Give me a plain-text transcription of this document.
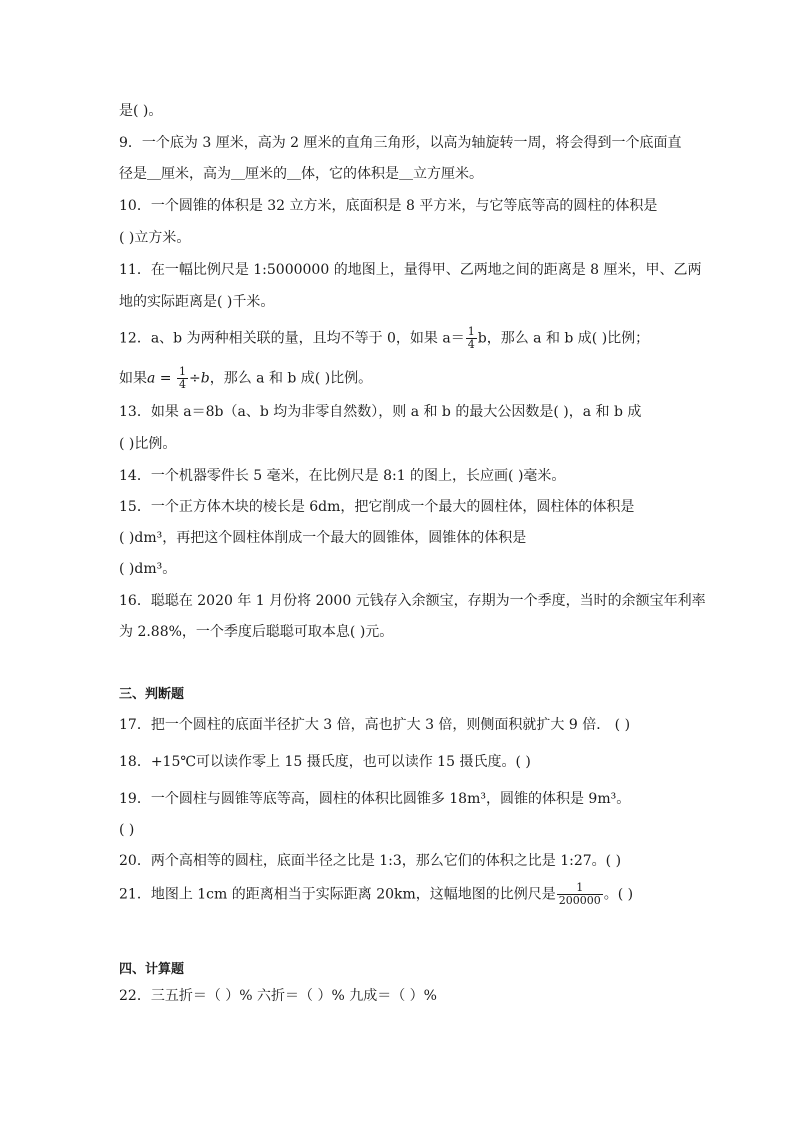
是( )。

9．一个底为 3 厘米，高为 2 厘米的直角三角形，以高为轴旋转一周，将会得到一个底面直

径是＿厘米，高为＿厘米的＿体，它的体积是＿立方厘米。

10．一个圆锥的体积是 32 立方米，底面积是 8 平方米，与它等底等高的圆柱的体积是

( )立方米。

11．在一幅比例尺是 1:5000000 的地图上，量得甲、乙两地之间的距离是 8 厘米，甲、乙两

地的实际距离是( )千米。

12．a、b 为两种相关联的量，且均不等于 0，如果 $a= \frac{1}{4}$ b，那么 a 和 b 成( )比例；

如果$a = \frac{1}{4} \div b$，那么 a 和 b 成( )比例。

13．如果 a＝8b（a、b 均为非零自然数），则 a 和 b 的最大公因数是( )，a 和 b 成

( )比例。

14．一个机器零件长 5 毫米，在比例尺是 8:1 的图上，长应画( )毫米。

15．一个正方体木块的棱长是 6dm，把它削成一个最大的圆柱体，圆柱体的体积是

( )dm³，再把这个圆柱体削成一个最大的圆锥体，圆锥体的体积是

( )dm³。

16．聪聪在 2020 年 1 月份将 2000 元钱存入余额宝，存期为一个季度，当时的余额宝年利率

为 2.88%，一个季度后聪聪可取本息( )元。

三、判断题

17．把一个圆柱的底面半径扩大 3 倍，高也扩大 3 倍，则侧面积就扩大 9 倍． ( )

18．+15℃可以读作零上 15 摄氏度，也可以读作 15 摄氏度。( )

19．一个圆柱与圆锥等底等高，圆柱的体积比圆锥多 18m³，圆锥的体积是 9m³。

( )

20．两个高相等的圆柱，底面半径之比是 1:3，那么它们的体积之比是 1:27。( )

21．地图上 1cm 的距离相当于实际距离 20km，这幅地图的比例尺是 $\frac{1}{200000}$ 。( )

四、计算题

22．三五折＝（ ）% 六折＝（ ）% 九成＝（ ）%
